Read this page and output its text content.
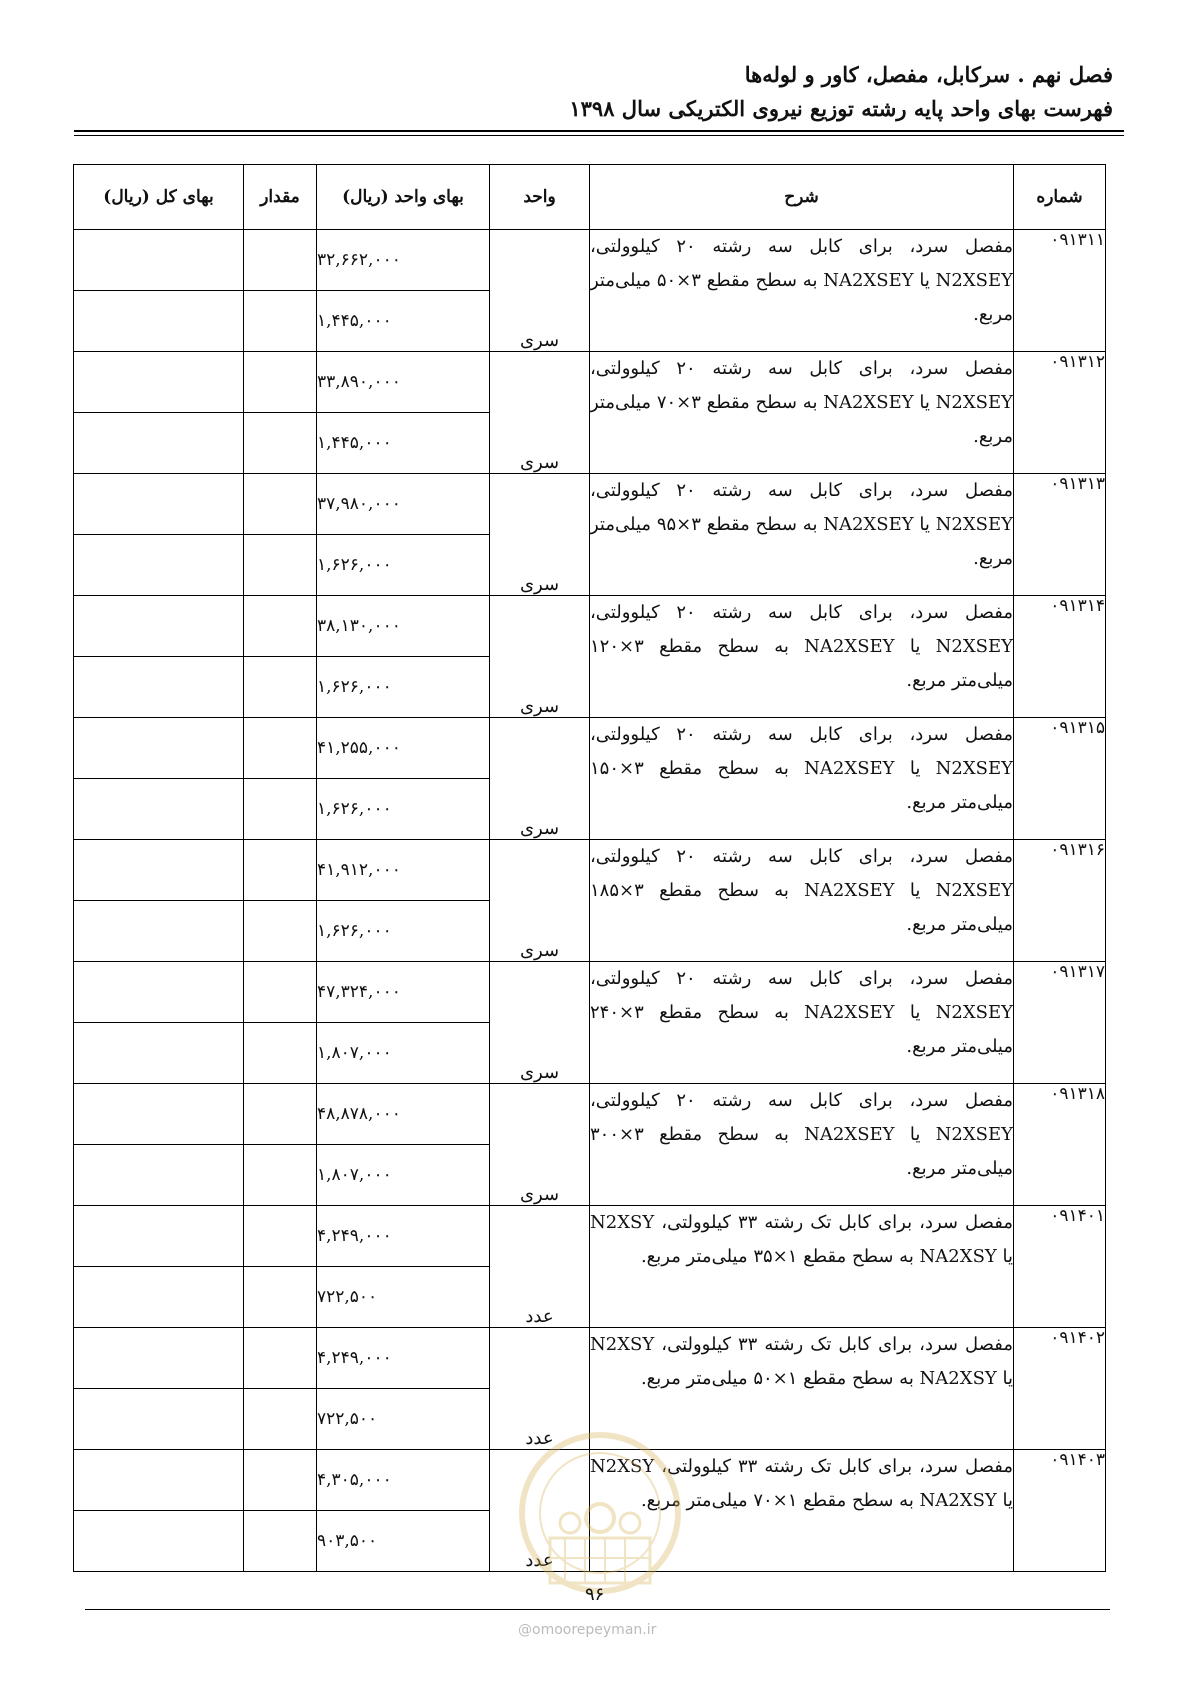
فصل نهم . سرکابل، مفصل، کاور و لوله‌ها
فهرست بهای واحد پایه رشته توزیع نیروی الکتریکی سال ۱۳۹۸
شماره	شرح	واحد	بهای واحد (ریال)	مقدار	بهای کل (ریال)
۰۹۱۳۱۱	مفصل سرد، برای کابل سه رشته ۲۰ کیلوولتی، N2XSEY یا NA2XSEY به سطح مقطع ۳×۵۰ میلی‌متر مربع.	سری	۳۲,۶۶۲,۰۰۰		
			۱,۴۴۵,۰۰۰		
۰۹۱۳۱۲	مفصل سرد، برای کابل سه رشته ۲۰ کیلوولتی، N2XSEY یا NA2XSEY به سطح مقطع ۳×۷۰ میلی‌متر مربع.	سری	۳۳,۸۹۰,۰۰۰		
			۱,۴۴۵,۰۰۰		
۰۹۱۳۱۳	مفصل سرد، برای کابل سه رشته ۲۰ کیلوولتی، N2XSEY یا NA2XSEY به سطح مقطع ۳×۹۵ میلی‌متر مربع.	سری	۳۷,۹۸۰,۰۰۰		
			۱,۶۲۶,۰۰۰		
۰۹۱۳۱۴	مفصل سرد، برای کابل سه رشته ۲۰ کیلوولتی، N2XSEY یا NA2XSEY به سطح مقطع ۳×۱۲۰ میلی‌متر مربع.	سری	۳۸,۱۳۰,۰۰۰		
			۱,۶۲۶,۰۰۰		
۰۹۱۳۱۵	مفصل سرد، برای کابل سه رشته ۲۰ کیلوولتی، N2XSEY یا NA2XSEY به سطح مقطع ۳×۱۵۰ میلی‌متر مربع.	سری	۴۱,۲۵۵,۰۰۰		
			۱,۶۲۶,۰۰۰		
۰۹۱۳۱۶	مفصل سرد، برای کابل سه رشته ۲۰ کیلوولتی، N2XSEY یا NA2XSEY به سطح مقطع ۳×۱۸۵ میلی‌متر مربع.	سری	۴۱,۹۱۲,۰۰۰		
			۱,۶۲۶,۰۰۰		
۰۹۱۳۱۷	مفصل سرد، برای کابل سه رشته ۲۰ کیلوولتی، N2XSEY یا NA2XSEY به سطح مقطع ۳×۲۴۰ میلی‌متر مربع.	سری	۴۷,۳۲۴,۰۰۰		
			۱,۸۰۷,۰۰۰		
۰۹۱۳۱۸	مفصل سرد، برای کابل سه رشته ۲۰ کیلوولتی، N2XSEY یا NA2XSEY به سطح مقطع ۳×۳۰۰ میلی‌متر مربع.	سری	۴۸,۸۷۸,۰۰۰		
			۱,۸۰۷,۰۰۰		
۰۹۱۴۰۱	مفصل سرد، برای کابل تک رشته ۳۳ کیلوولتی، N2XSY یا NA2XSY به سطح مقطع ۱×۳۵ میلی‌متر مربع.	عدد	۴,۲۴۹,۰۰۰		
			۷۲۲,۵۰۰		
۰۹۱۴۰۲	مفصل سرد، برای کابل تک رشته ۳۳ کیلوولتی، N2XSY یا NA2XSY به سطح مقطع ۱×۵۰ میلی‌متر مربع.	عدد	۴,۲۴۹,۰۰۰		
			۷۲۲,۵۰۰		
۰۹۱۴۰۳	مفصل سرد، برای کابل تک رشته ۳۳ کیلوولتی، N2XSY یا NA2XSY به سطح مقطع ۱×۷۰ میلی‌متر مربع.	عدد	۴,۳۰۵,۰۰۰		
			۹۰۳,۵۰۰		
۹۶
@omoorepeyman.ir
